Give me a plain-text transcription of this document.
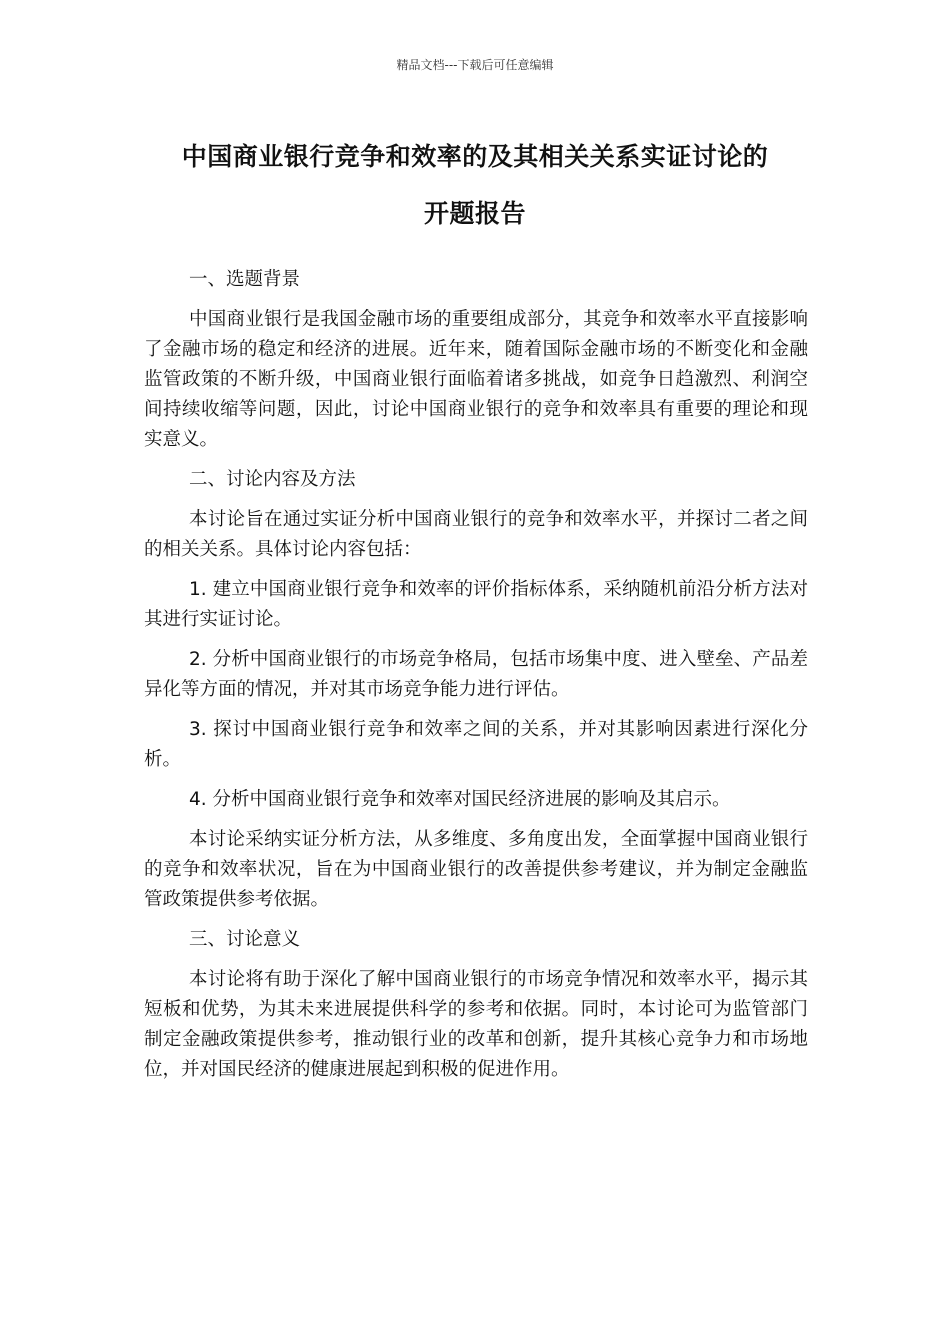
精品文档---下载后可任意编辑
中国商业银行竞争和效率的及其相关关系实证讨论的
开题报告

一、选题背景

中国商业银行是我国金融市场的重要组成部分，其竞争和效率水平直接影响了金融市场的稳定和经济的进展。近年来，随着国际金融市场的不断变化和金融监管政策的不断升级，中国商业银行面临着诸多挑战，如竞争日趋激烈、利润空间持续收缩等问题，因此，讨论中国商业银行的竞争和效率具有重要的理论和现实意义。

二、讨论内容及方法

本讨论旨在通过实证分析中国商业银行的竞争和效率水平，并探讨二者之间的相关关系。具体讨论内容包括：

1. 建立中国商业银行竞争和效率的评价指标体系，采纳随机前沿分析方法对其进行实证讨论。

2. 分析中国商业银行的市场竞争格局，包括市场集中度、进入壁垒、产品差异化等方面的情况，并对其市场竞争能力进行评估。

3. 探讨中国商业银行竞争和效率之间的关系，并对其影响因素进行深化分析。

4. 分析中国商业银行竞争和效率对国民经济进展的影响及其启示。

本讨论采纳实证分析方法，从多维度、多角度出发，全面掌握中国商业银行的竞争和效率状况，旨在为中国商业银行的改善提供参考建议，并为制定金融监管政策提供参考依据。

三、讨论意义

本讨论将有助于深化了解中国商业银行的市场竞争情况和效率水平，揭示其短板和优势，为其未来进展提供科学的参考和依据。同时，本讨论可为监管部门制定金融政策提供参考，推动银行业的改革和创新，提升其核心竞争力和市场地位，并对国民经济的健康进展起到积极的促进作用。
